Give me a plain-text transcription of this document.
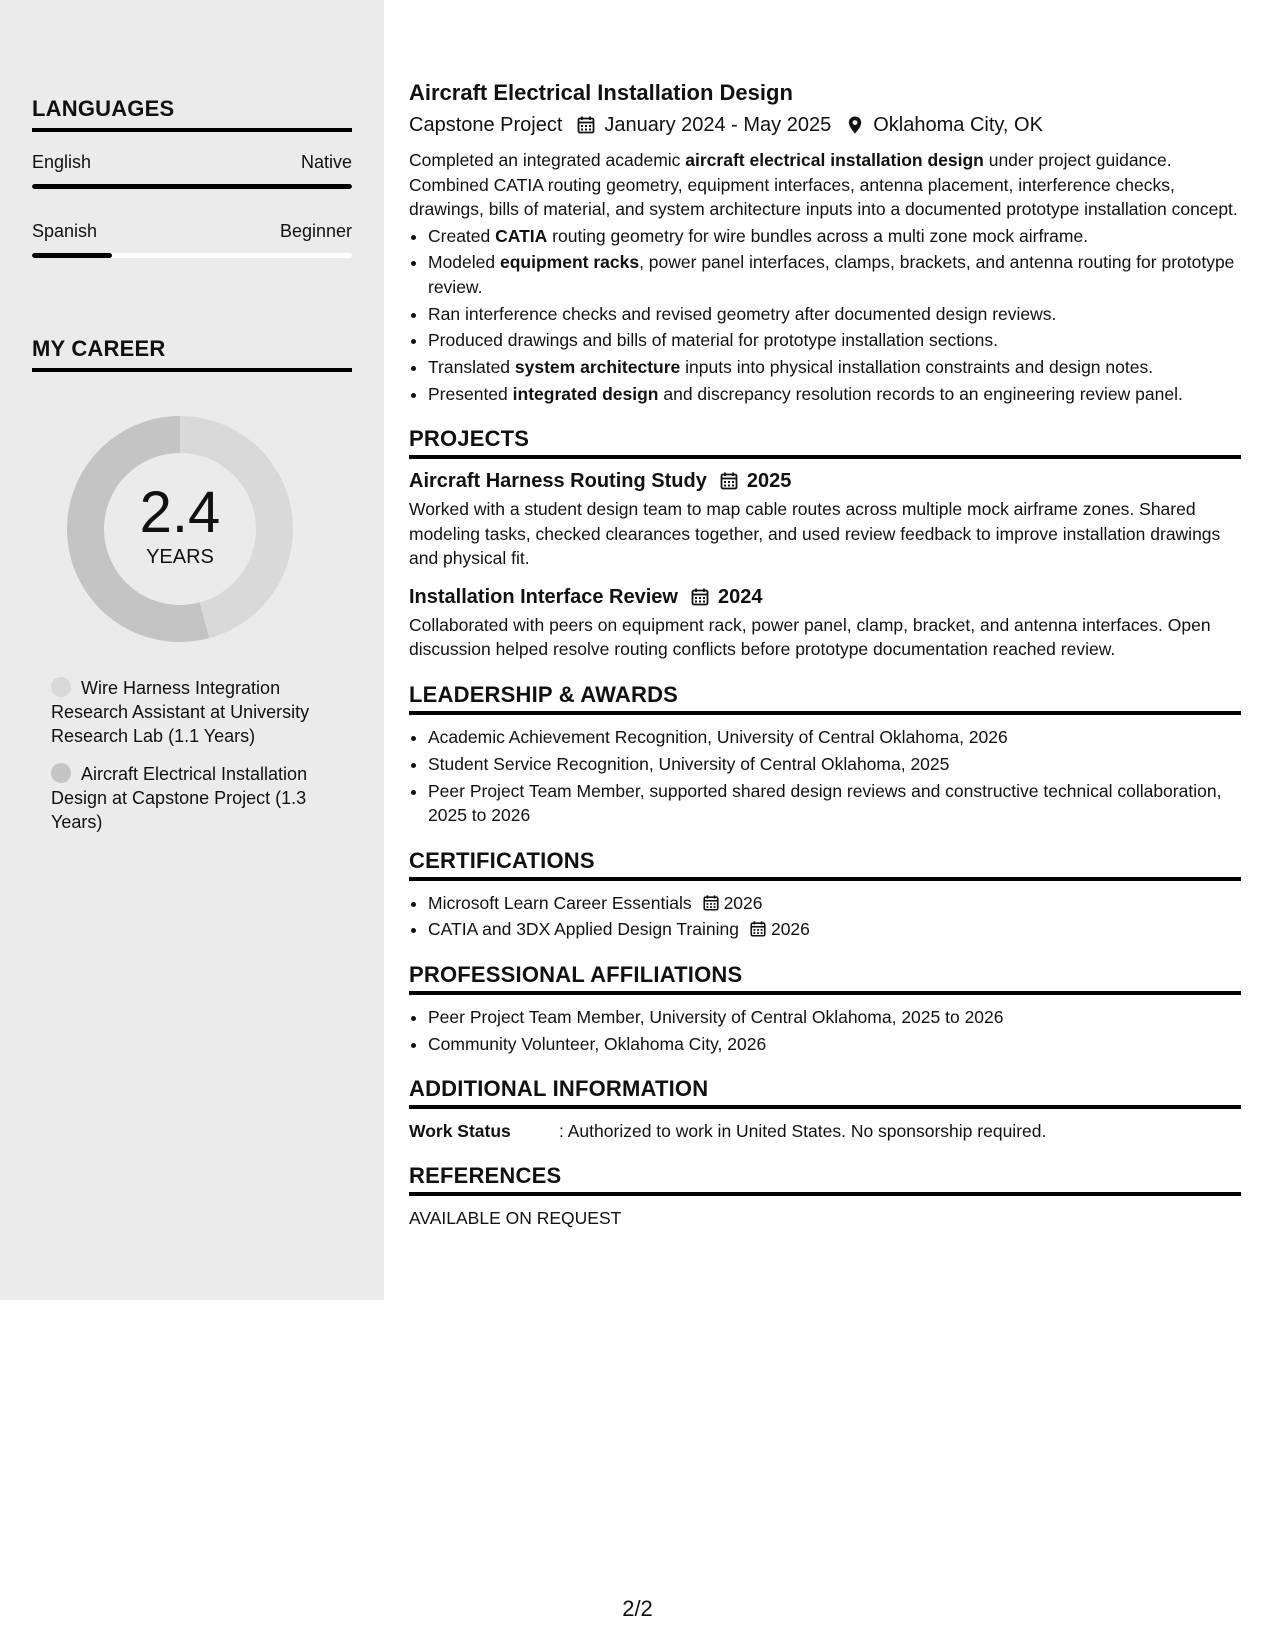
LANGUAGES
English	Native
Spanish	Beginner
MY CAREER
2.4
YEARS
Wire Harness Integration Research Assistant at University Research Lab (1.1 Years)
Aircraft Electrical Installation Design at Capstone Project (1.3 Years)
Aircraft Electrical Installation Design
Capstone Project January 2024 - May 2025 Oklahoma City, OK

Completed an integrated academic aircraft electrical installation design under project guidance. Combined CATIA routing geometry, equipment interfaces, antenna placement, interference checks, drawings, bills of material, and system architecture inputs into a documented prototype installation concept.

• Created CATIA routing geometry for wire bundles across a multi zone mock airframe.
• Modeled equipment racks, power panel interfaces, clamps, brackets, and antenna routing for prototype review.
• Ran interference checks and revised geometry after documented design reviews.
• Produced drawings and bills of material for prototype installation sections.
• Translated system architecture inputs into physical installation constraints and design notes.
• Presented integrated design and discrepancy resolution records to an engineering review panel.
PROJECTS
Aircraft Harness Routing Study 2025

Worked with a student design team to map cable routes across multiple mock airframe zones. Shared modeling tasks, checked clearances together, and used review feedback to improve installation drawings and physical fit.

Installation Interface Review 2024

Collaborated with peers on equipment rack, power panel, clamp, bracket, and antenna interfaces. Open discussion helped resolve routing conflicts before prototype documentation reached review.

LEADERSHIP & AWARDS
• Academic Achievement Recognition, University of Central Oklahoma, 2026
• Student Service Recognition, University of Central Oklahoma, 2025
• Peer Project Team Member, supported shared design reviews and constructive technical collaboration, 2025 to 2026
CERTIFICATIONS
• Microsoft Learn Career Essentials 2026
• CATIA and 3DX Applied Design Training 2026
PROFESSIONAL AFFILIATIONS
• Peer Project Team Member, University of Central Oklahoma, 2025 to 2026
• Community Volunteer, Oklahoma City, 2026
ADDITIONAL INFORMATION
Work Status	: Authorized to work in United States. No sponsorship required.
REFERENCES
AVAILABLE ON REQUEST
2/2
